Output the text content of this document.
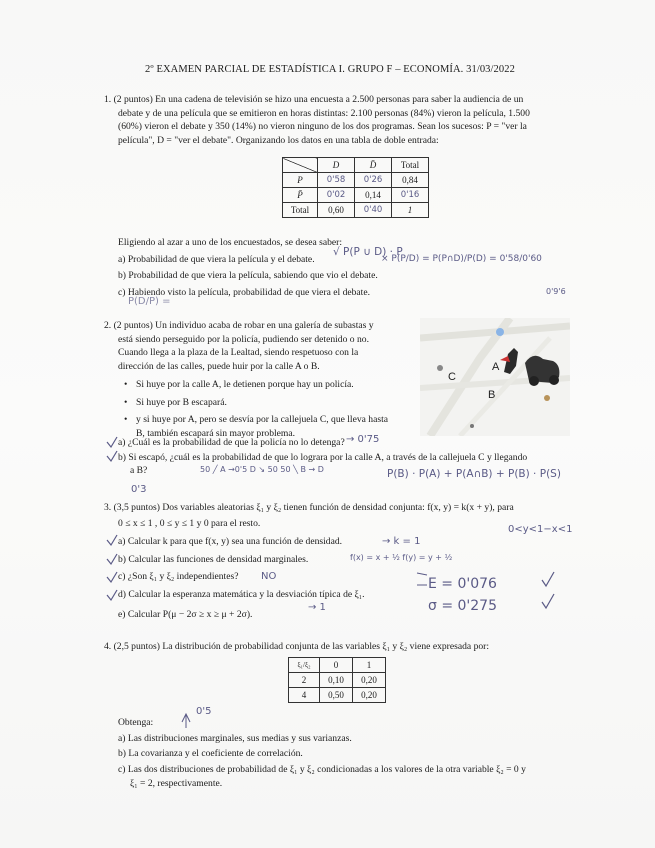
2º EXAMEN PARCIAL DE ESTADÍSTICA I. GRUPO F – ECONOMÍA. 31/03/2022
1. (2 puntos) En una cadena de televisión se hizo una encuesta a 2.500 personas para saber la audiencia de un
debate y de una película que se emitieron en horas distintas: 2.100 personas (84%) vieron la película, 1.500
(60%) vieron el debate y 350 (14%) no vieron ninguno de los dos programas. Sean los sucesos: P = "ver la
película", D = "ver el debate". Organizando los datos en una tabla de doble entrada:
	D	D̄	Total
P	0'58	0'26	0,84
P̄	0'02	0,14	0'16
Total	0,60	0'40	1
Eligiendo al azar a uno de los encuestados, se desea saber:
a) Probabilidad de que viera la película y el debate.
b) Probabilidad de que viera la película, sabiendo que vio el debate.
c) Habiendo visto la película, probabilidad de que viera el debate.
√ P(P ∪ D) · P
× P(P/D) = P(P∩D)/P(D) = 0'58/0'60
0'9'6
P(D/P) =
2. (2 puntos) Un individuo acaba de robar en una galería de subastas y
está siendo perseguido por la policía, pudiendo ser detenido o no.
Cuando llega a la plaza de la Lealtad, siendo respetuoso con la
dirección de las calles, puede huir por la calle A o B.
• Si huye por la calle A, le detienen porque hay un policía.
• Si huye por B escapará.
• y si huye por A, pero se desvía por la callejuela C, que lleva hasta
B, también escapará sin mayor problema.
A
C
B
a) ¿Cuál es la probabilidad de que la policía no lo detenga?
b) Si escapó, ¿cuál es la probabilidad de que lo lograra por la calle A, a través de la callejuela C y llegando
a B?
→ 0'75
50 ╱ A →0'5 D ↘ 50 50 ╲ B → D	P(B) · P(A) + P(A∩B) + P(B) · P(S)
0'3
3. (3,5 puntos) Dos variables aleatorias ξ₁ y ξ₂ tienen función de densidad conjunta: f(x, y) = k(x + y), para
0 ≤ x ≤ 1 , 0 ≤ y ≤ 1 y 0 para el resto.
a) Calcular k para que f(x, y) sea una función de densidad.
b) Calcular las funciones de densidad marginales.
c) ¿Son ξ₁ y ξ₂ independientes?
d) Calcular la esperanza matemática y la desviación típica de ξ₁.
e) Calcular P(μ − 2σ ≥ x ≥ μ + 2σ).
0<y<1−x<1
→ k = 1
f(x) = x + ½ f(y) = y + ½
NO
→ 1
E = 0'076
σ = 0'275
4. (2,5 puntos) La distribución de probabilidad conjunta de las variables ξ₁ y ξ₂ viene expresada por:
ξ₁/ξ₂	0	1
2	0,10	0,20
4	0,50	0,20
0'5
Obtenga:
a) Las distribuciones marginales, sus medias y sus varianzas.
b) La covarianza y el coeficiente de correlación.
c) Las dos distribuciones de probabilidad de ξ₁ y ξ₂ condicionadas a los valores de la otra variable ξ₂ = 0 y
ξ₁ = 2, respectivamente.
